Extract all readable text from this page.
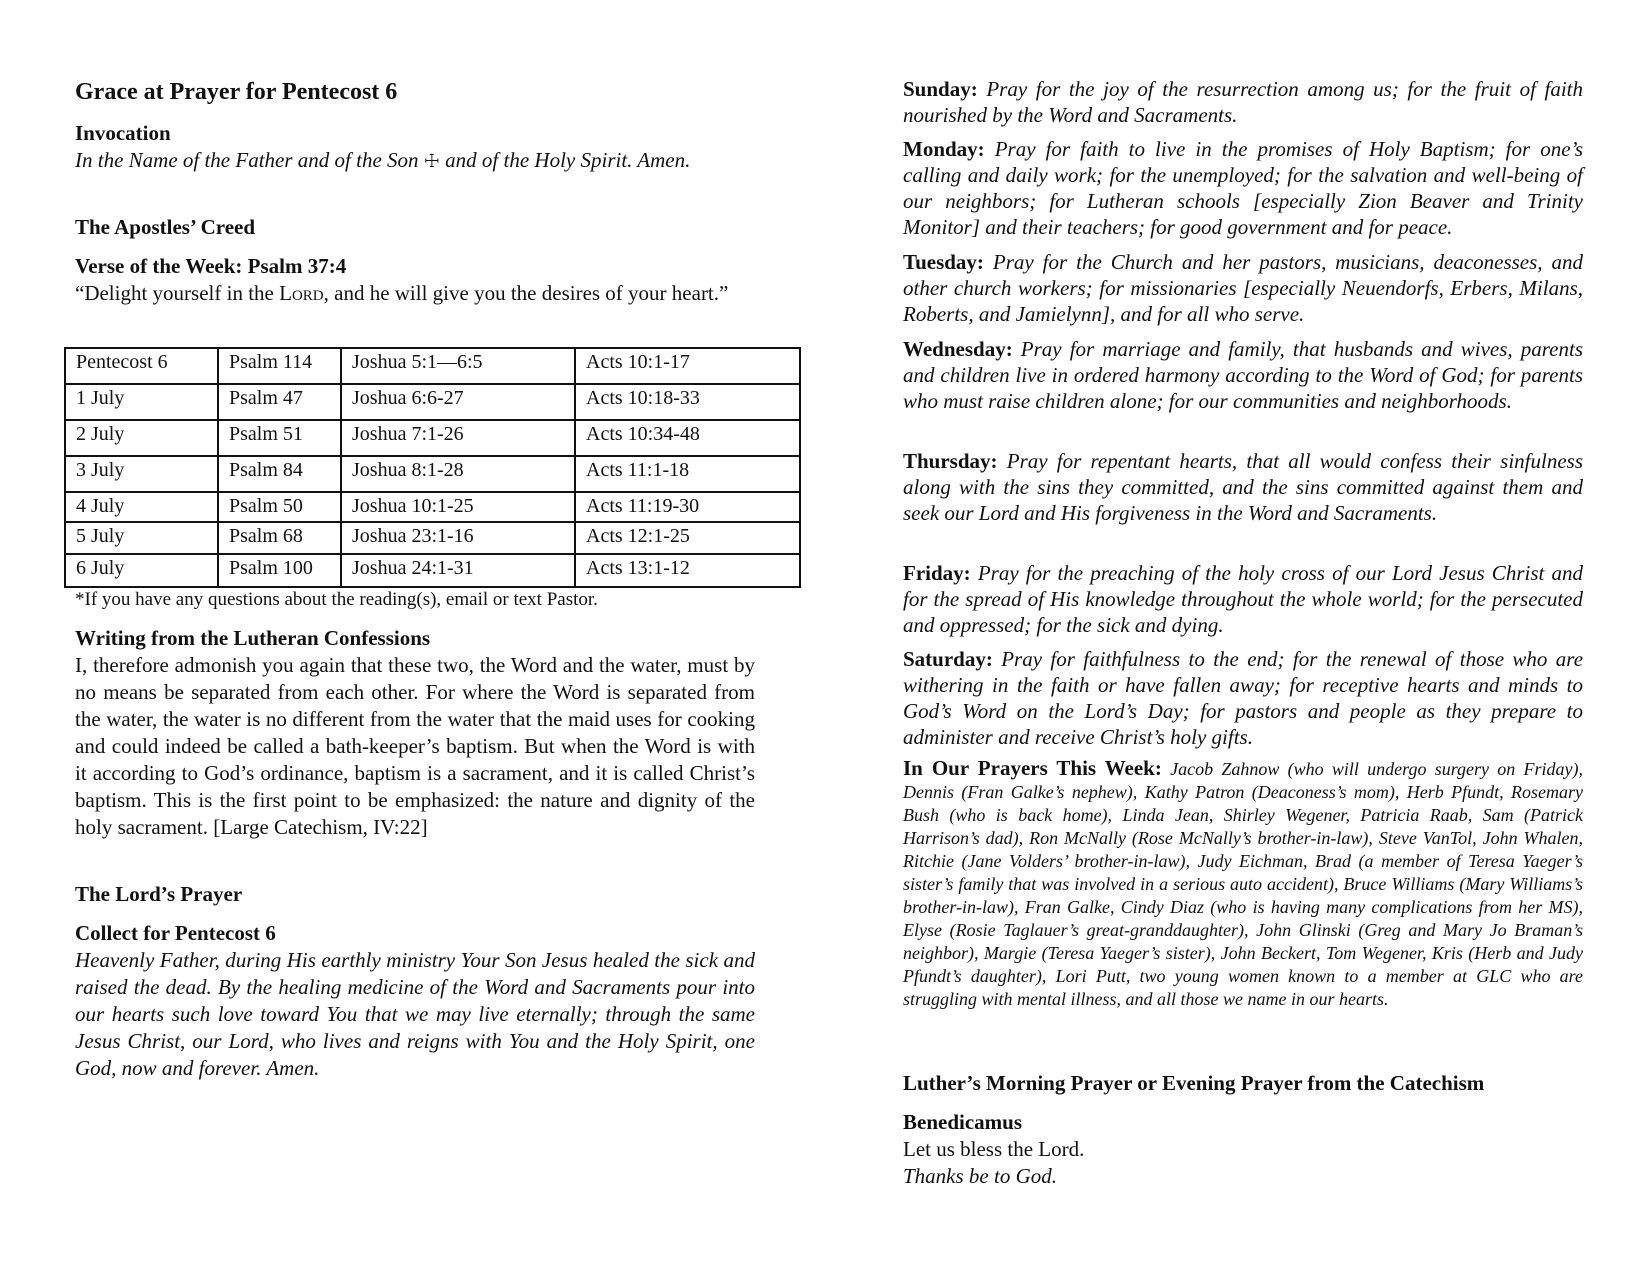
Grace at Prayer for Pentecost 6

Invocation

In the Name of the Father and of the Son ☩ and of the Holy Spirit. Amen.

The Apostles’ Creed

Verse of the Week: Psalm 37:4

“Delight yourself in the Lord, and he will give you the desires of your heart.”

Pentecost 6	Psalm 114	Joshua 5:1—6:5	Acts 10:1-17
1 July	Psalm 47	Joshua 6:6-27	Acts 10:18-33
2 July	Psalm 51	Joshua 7:1-26	Acts 10:34-48
3 July	Psalm 84	Joshua 8:1-28	Acts 11:1-18
4 July	Psalm 50	Joshua 10:1-25	Acts 11:19-30
5 July	Psalm 68	Joshua 23:1-16	Acts 12:1-25
6 July	Psalm 100	Joshua 24:1-31	Acts 13:1-12
*If you have any questions about the reading(s), email or text Pastor.

Writing from the Lutheran Confessions

I, therefore admonish you again that these two, the Word and the water, must by no means be separated from each other. For where the Word is separated from the water, the water is no different from the water that the maid uses for cooking and could indeed be called a bath-keeper’s baptism. But when the Word is with it according to God’s ordinance, baptism is a sacrament, and it is called Christ’s baptism. This is the first point to be emphasized: the nature and dignity of the holy sacrament. [Large Catechism, IV:22]

The Lord’s Prayer

Collect for Pentecost 6

Heavenly Father, during His earthly ministry Your Son Jesus healed the sick and raised the dead. By the healing medicine of the Word and Sacraments pour into our hearts such love toward You that we may live eternally; through the same Jesus Christ, our Lord, who lives and reigns with You and the Holy Spirit, one God, now and forever. Amen.

Sunday: Pray for the joy of the resurrection among us; for the fruit of faith nourished by the Word and Sacraments.

Monday: Pray for faith to live in the promises of Holy Baptism; for one’s calling and daily work; for the unemployed; for the salvation and well-being of our neighbors; for Lutheran schools [especially Zion Beaver and Trinity Monitor] and their teachers; for good government and for peace.

Tuesday: Pray for the Church and her pastors, musicians, deaconesses, and other church workers; for missionaries [especially Neuendorfs, Erbers, Milans, Roberts, and Jamielynn], and for all who serve.

Wednesday: Pray for marriage and family, that husbands and wives, parents and children live in ordered harmony according to the Word of God; for parents who must raise children alone; for our communities and neighborhoods.

Thursday: Pray for repentant hearts, that all would confess their sinfulness along with the sins they committed, and the sins committed against them and seek our Lord and His forgiveness in the Word and Sacraments.

Friday: Pray for the preaching of the holy cross of our Lord Jesus Christ and for the spread of His knowledge throughout the whole world; for the persecuted and oppressed; for the sick and dying.

Saturday: Pray for faithfulness to the end; for the renewal of those who are withering in the faith or have fallen away; for receptive hearts and minds to God’s Word on the Lord’s Day; for pastors and people as they prepare to administer and receive Christ’s holy gifts.

In Our Prayers This Week: Jacob Zahnow (who will undergo surgery on Friday), Dennis (Fran Galke’s nephew), Kathy Patron (Deaconess’s mom), Herb Pfundt, Rosemary Bush (who is back home), Linda Jean, Shirley Wegener, Patricia Raab, Sam (Patrick Harrison’s dad), Ron McNally (Rose McNally’s brother-in-law), Steve VanTol, John Whalen, Ritchie (Jane Volders’ brother-in-law), Judy Eichman, Brad (a member of Teresa Yaeger’s sister’s family that was involved in a serious auto accident), Bruce Williams (Mary Williams’s brother-in-law), Fran Galke, Cindy Diaz (who is having many complications from her MS), Elyse (Rosie Taglauer’s great-granddaughter), John Glinski (Greg and Mary Jo Braman’s neighbor), Margie (Teresa Yaeger’s sister), John Beckert, Tom Wegener, Kris (Herb and Judy Pfundt’s daughter), Lori Putt, two young women known to a member at GLC who are struggling with mental illness, and all those we name in our hearts.

Luther’s Morning Prayer or Evening Prayer from the Catechism

Benedicamus

Let us bless the Lord.

Thanks be to God.
